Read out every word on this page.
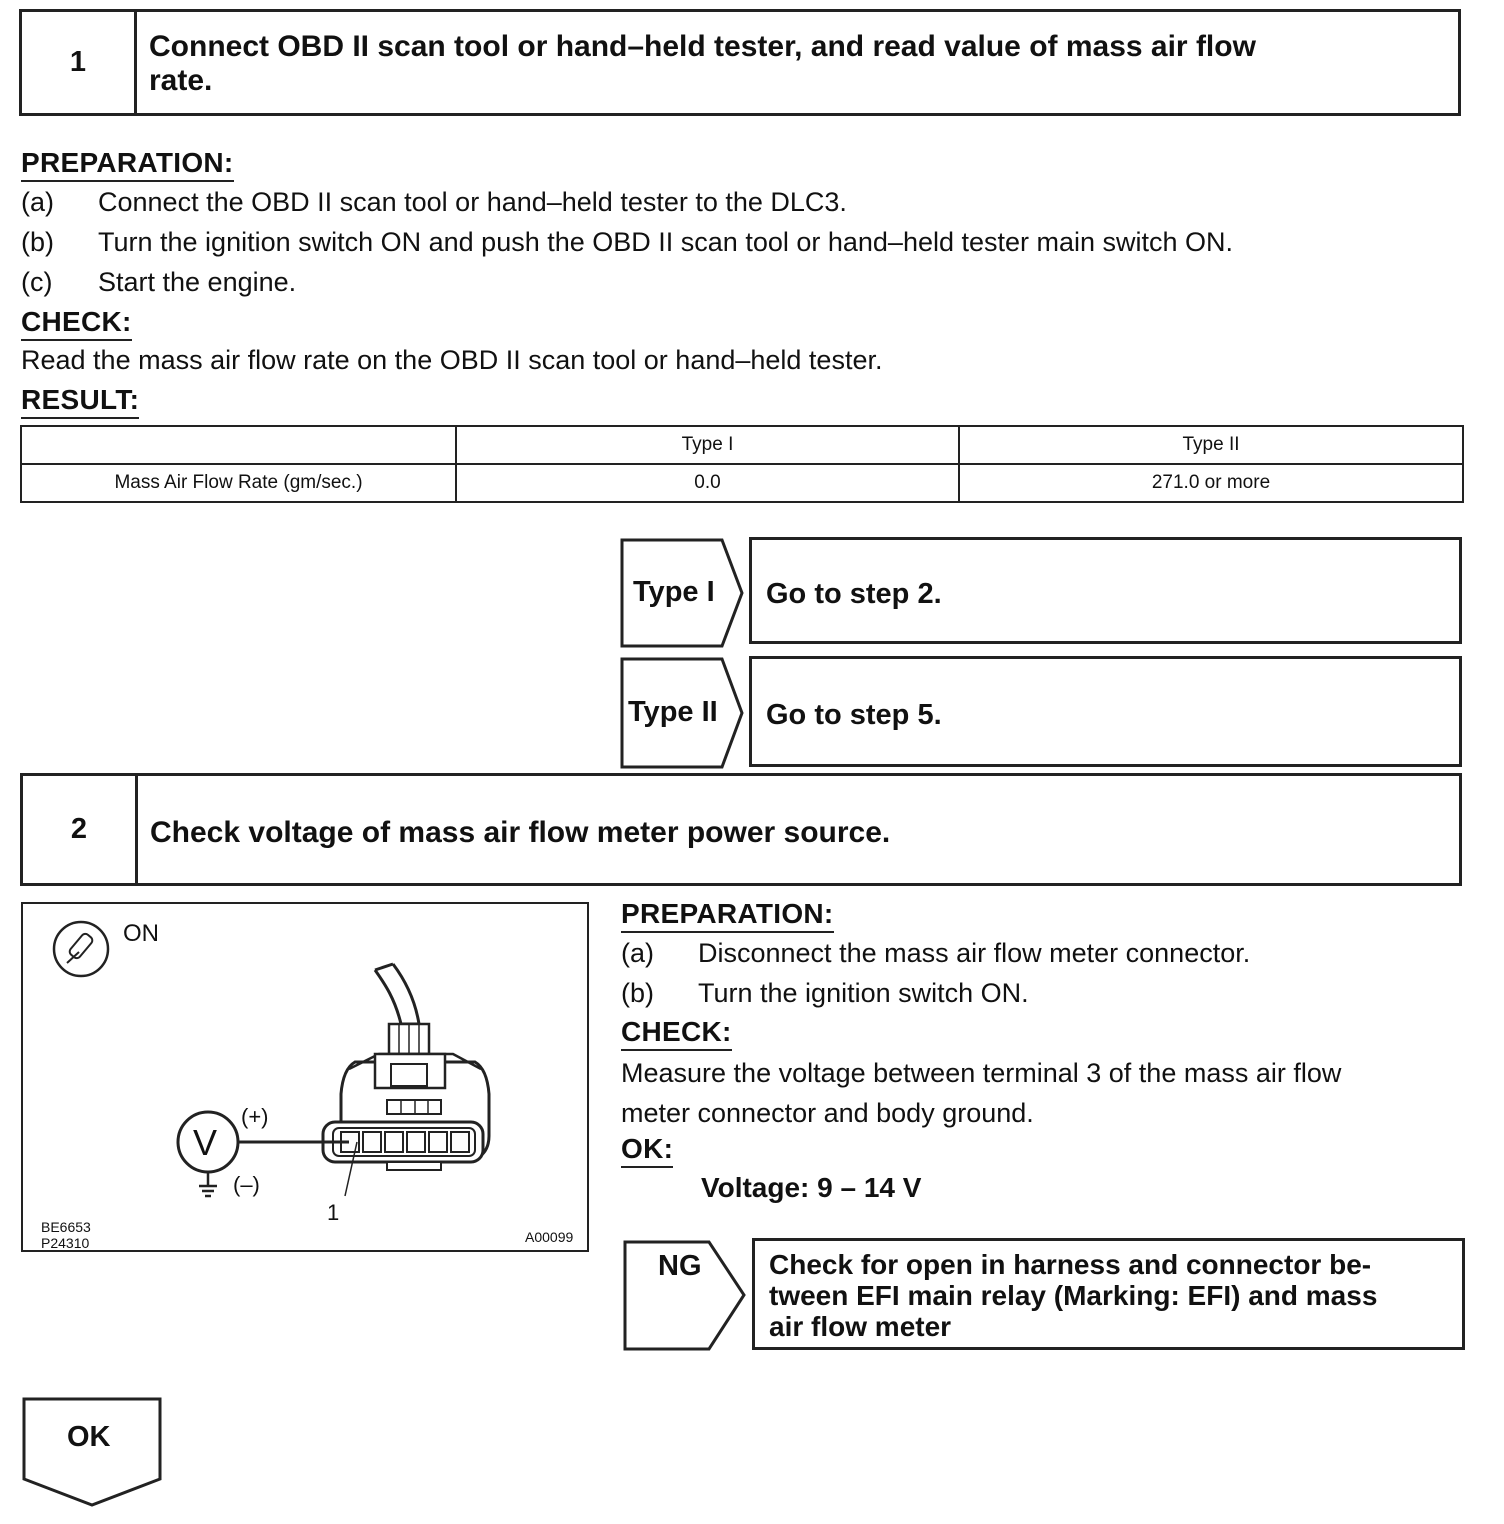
1	Connect OBD II scan tool or hand–held tester, and read value of mass air flow
rate.
PREPARATION:
(a) Connect the OBD II scan tool or hand–held tester to the DLC3.
(b) Turn the ignition switch ON and push the OBD II scan tool or hand–held tester main switch ON.
(c) Start the engine.
CHECK:
Read the mass air flow rate on the OBD II scan tool or hand–held tester.
RESULT:
	Type I	Type II
Mass Air Flow Rate (gm/sec.)	0.0	271.0 or more
Type I Go to step 2.
Type II Go to step 5.
2	Check voltage of mass air flow meter power source.
ON
V
(+)
(–)
1
BE6653
P24310	A00099
PREPARATION:
(a) Disconnect the mass air flow meter connector.
(b) Turn the ignition switch ON.
CHECK:
Measure the voltage between terminal 3 of the mass air flow
meter connector and body ground.
OK:
Voltage: 9 – 14 V
NG Check for open in harness and connector be-
tween EFI main relay (Marking: EFI) and mass
air flow meter
OK
